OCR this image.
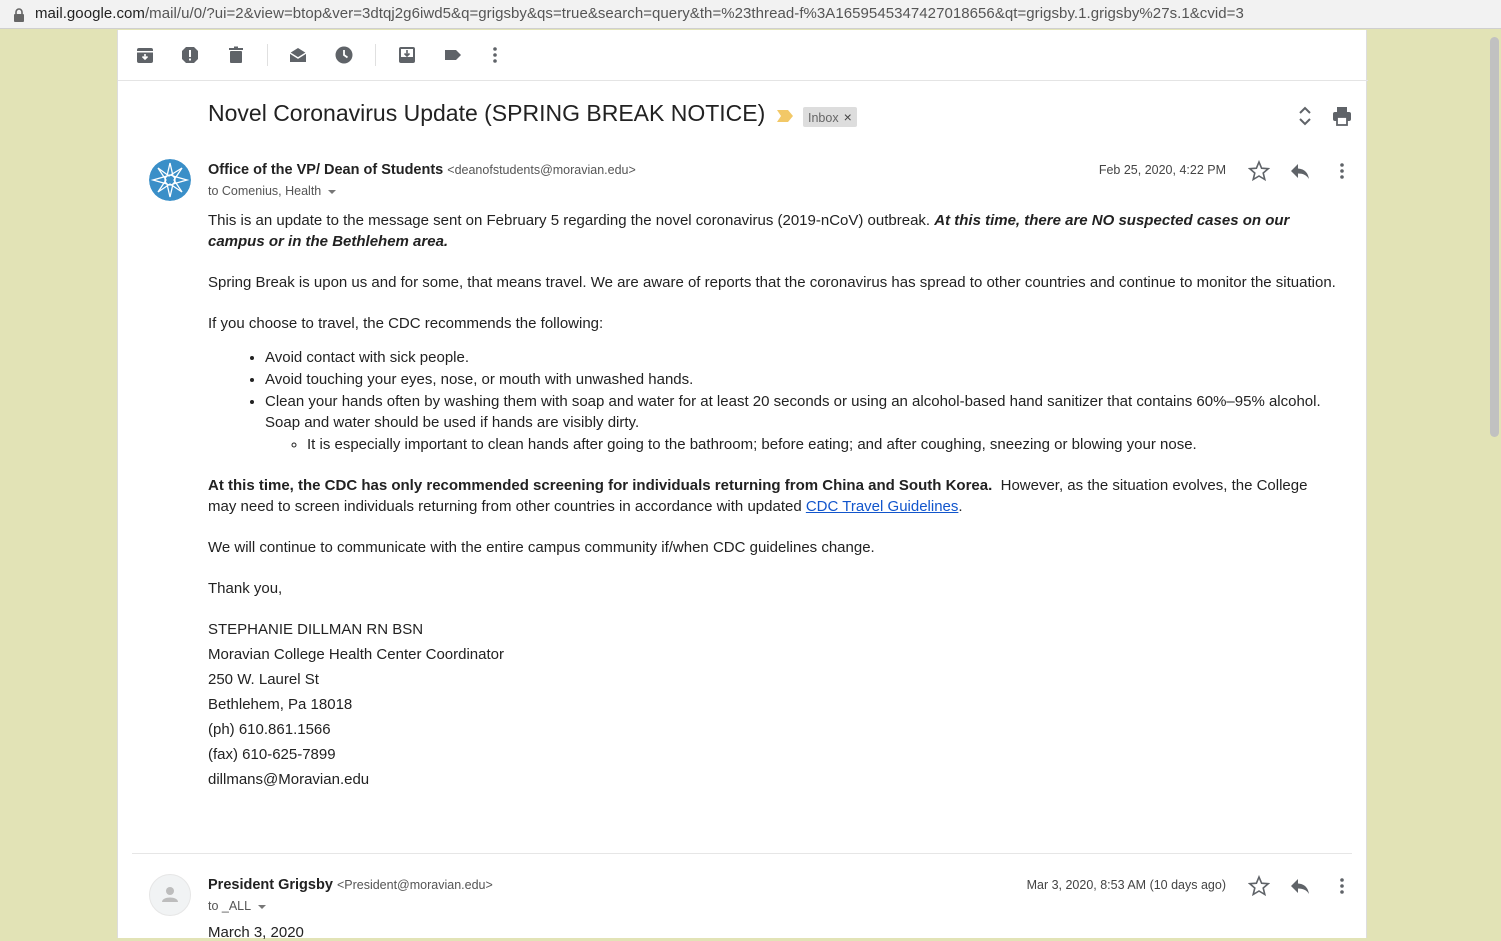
mail.google.com/mail/u/0/?ui=2&view=btop&ver=3dtqj2g6iwd5&q=grigsby&qs=true&search=query&th=%23thread-f%3A1659545347427018656&qt=grigsby.1.grigsby%27s.1&cvid=3
Novel Coronavirus Update (SPRING BREAK NOTICE)	Inbox ×
Office of the VP/ Dean of Students <deanofstudents@moravian.edu>
to Comenius, Health
Feb 25, 2020, 4:22 PM

This is an update to the message sent on February 5 regarding the novel coronavirus (2019-nCoV) outbreak. At this time, there are NO suspected cases on our campus or in the Bethlehem area.

Spring Break is upon us and for some, that means travel. We are aware of reports that the coronavirus has spread to other countries and continue to monitor the situation.

If you choose to travel, the CDC recommends the following:

• Avoid contact with sick people.
• Avoid touching your eyes, nose, or mouth with unwashed hands.
• Clean your hands often by washing them with soap and water for at least 20 seconds or using an alcohol-based hand sanitizer that contains 60%–95% alcohol. Soap and water should be used if hands are visibly dirty.
◦ It is especially important to clean hands after going to the bathroom; before eating; and after coughing, sneezing or blowing your nose.

At this time, the CDC has only recommended screening for individuals returning from China and South Korea.  However, as the situation evolves, the College may need to screen individuals returning from other countries in accordance with updated CDC Travel Guidelines.

We will continue to communicate with the entire campus community if/when CDC guidelines change.

Thank you,

STEPHANIE DILLMAN RN BSN
Moravian College Health Center Coordinator
250 W. Laurel St
Bethlehem, Pa 18018
(ph) 610.861.1566
(fax) 610-625-7899
dillmans@Moravian.edu
President Grigsby <President@moravian.edu>
to _ALL
Mar 3, 2020, 8:53 AM (10 days ago)
March 3, 2020
